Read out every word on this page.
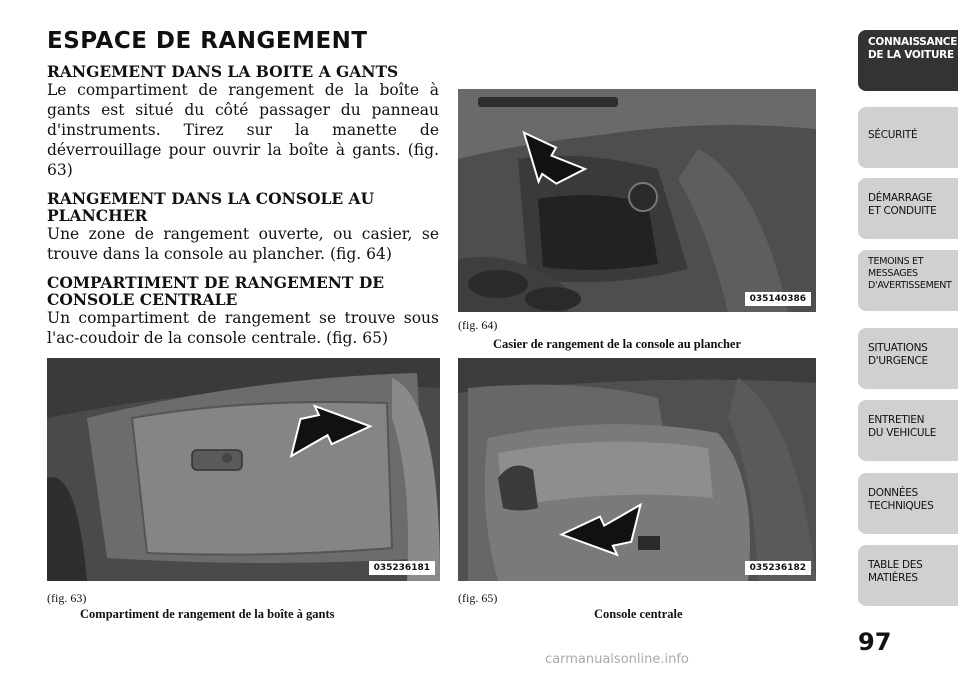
ESPACE DE RANGEMENT
RANGEMENT DANS LA BOITE A GANTS

Le compartiment de rangement de la boîte à gants est situé du côté passager du panneau d'instruments. Tirez sur la manette de déverrouillage pour ouvrir la boîte à gants. (fig. 63)

RANGEMENT DANS LA CONSOLE AU PLANCHER

Une zone de rangement ouverte, ou casier, se trouve dans la console au plancher. (fig. 64)

COMPARTIMENT DE RANGEMENT DE CONSOLE CENTRALE

Un compartiment de rangement se trouve sous l'ac-coudoir de la console centrale. (fig. 65)

035140386
(fig. 64)
Casier de rangement de la console au plancher
035236181
(fig. 63)
Compartiment de rangement de la boîte à gants
035236182
(fig. 65)
Console centrale
CONNAISSANCE
DE LA VOITURE
SÉCURITÉ
DÉMARRAGE
ET CONDUITE
TEMOINS ET
MESSAGES
D'AVERTISSEMENT
SITUATIONS
D'URGENCE
ENTRETIEN
DU VEHICULE
DONNÉES
TECHNIQUES
TABLE DES
MATIÈRES
97
carmanualsonline.info
